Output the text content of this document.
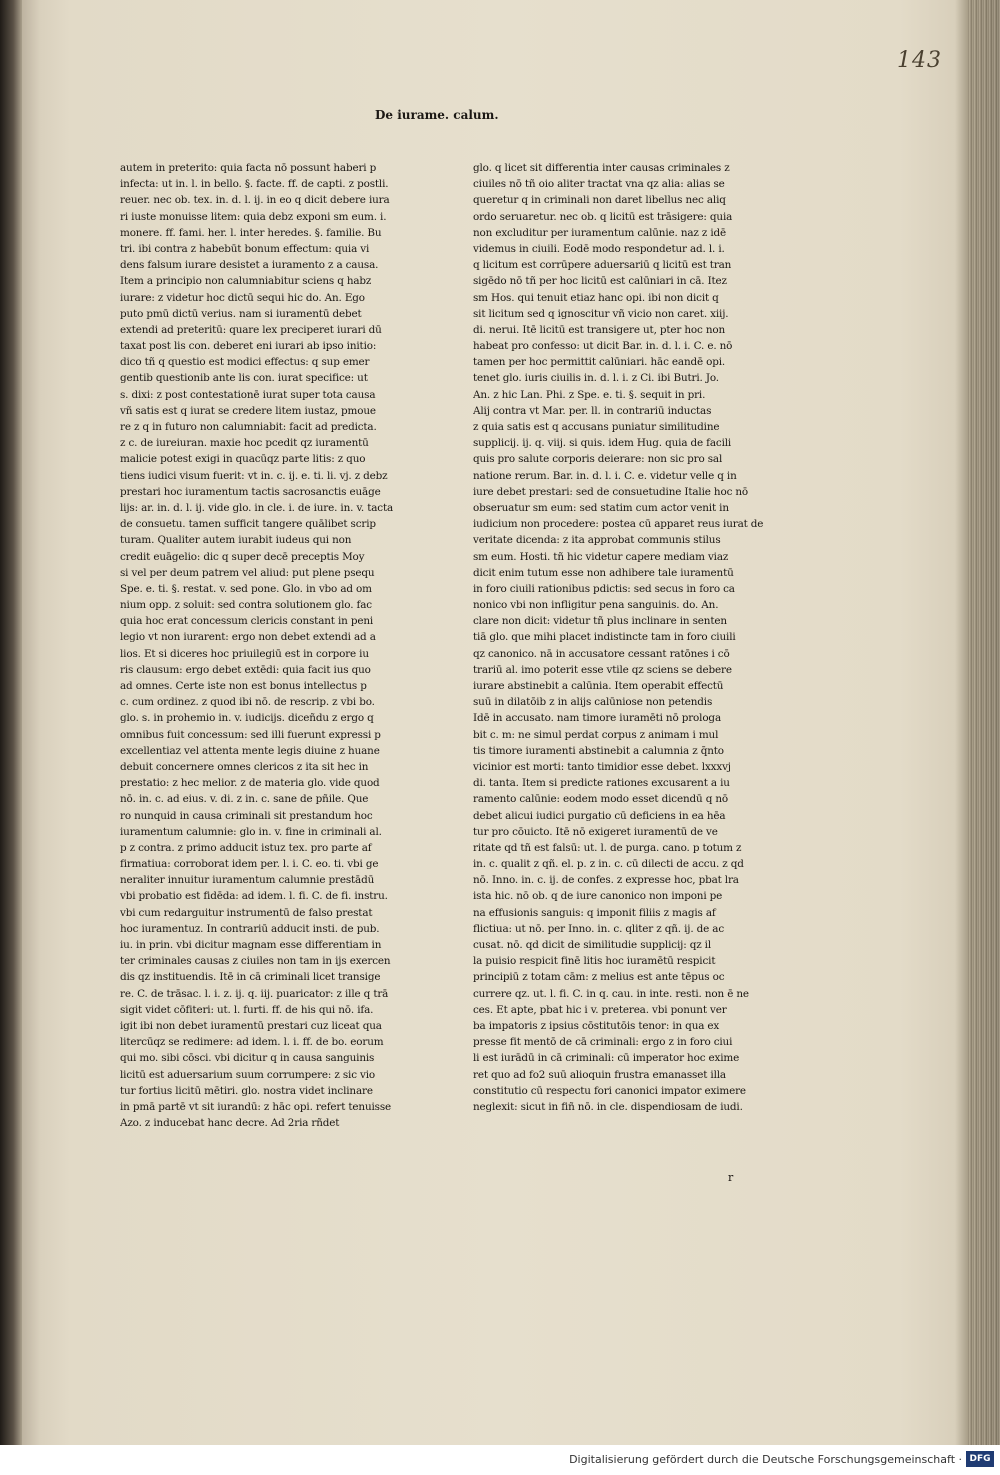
143
De iurame. calum.
autem in preterito: quia facta nō possunt haberi p
infecta: ut in. l. in bello. §. facte. ff. de capti. z postli.
reuer. nec ob. tex. in. d. l. ij. in eo q dicit debere iura
ri iuste monuisse litem: quia debz exponi sm eum. i.
monere. ff. fami. her. l. inter heredes. §. familie. Bu
tri. ibi contra z habebūt bonum effectum: quia vi
dens falsum iurare desistet a iuramento z a causa.
Item a principio non calumniabitur sciens q habz
iurare: z videtur hoc dictū sequi hic do. An. Ego
puto pmū dictū verius. nam si iuramentū debet
extendi ad preteritū: quare lex preciperet iurari dū
taxat post lis con. deberet eni iurari ab ipso initio:
dico tñ q questio est modici effectus: q sup emer
gentib questionib ante lis con. iurat specifice: ut
s. dixi: z post contestationē iurat super tota causa
vñ satis est q iurat se credere litem iustaz, pmoue
re z q in futuro non calumniabit: facit ad predicta.
z c. de iureiuran. maxie hoc pcedit qz iuramentū
malicie potest exigi in quacūqz parte litis: z quo
tiens iudici visum fuerit: vt in. c. ij. e. ti. li. vj. z debz
prestari hoc iuramentum tactis sacrosanctis euāge
lijs: ar. in. d. l. ij. vide glo. in cle. i. de iure. in. v. tacta
de consuetu. tamen sufficit tangere quālibet scrip
turam. Qualiter autem iurabit iudeus qui non
credit euāgelio: dic q super decē preceptis Moy
si vel per deum patrem vel aliud: put plene psequ
Spe. e. ti. §. restat. v. sed pone. Glo. in vbo ad om
nium opp. z soluit: sed contra solutionem glo. fac
quia hoc erat concessum clericis constant in peni
legio vt non iurarent: ergo non debet extendi ad a
lios. Et si diceres hoc priuilegiū est in corpore iu
ris clausum: ergo debet extēdi: quia facit ius quo
ad omnes. Certe iste non est bonus intellectus p
c. cum ordinez. z quod ibi nō. de rescrip. z vbi bo.
glo. s. in prohemio in. v. iudicijs. diceñdu z ergo q
omnibus fuit concessum: sed illi fuerunt expressi p
excellentiaz vel attenta mente legis diuine z huane
debuit concernere omnes clericos z ita sit hec in
prestatio: z hec melior. z de materia glo. vide quod
nō. in. c. ad eius. v. di. z in. c. sane de pñile. Que
ro nunquid in causa criminali sit prestandum hoc
iuramentum calumnie: glo in. v. fine in criminali al.
p z contra. z primo adducit istuz tex. pro parte af
firmatiua: corroborat idem per. l. i. C. eo. ti. vbi ge
neraliter innuitur iuramentum calumnie prestādū
vbi probatio est fidēda: ad idem. l. fi. C. de fi. instru.
vbi cum redarguitur instrumentū de falso prestat
hoc iuramentuz. In contrariū adducit insti. de pub.
iu. in prin. vbi dicitur magnam esse differentiam in
ter criminales causas z ciuiles non tam in ijs exercen
dis qz instituendis. Itē in cā criminali licet transige
re. C. de trāsac. l. i. z. ij. q. iij. puaricator: z ille q trā
sigit videt cōfiteri: ut. l. furti. ff. de his qui nō. ifa.
igit ibi non debet iuramentū prestari cuz liceat qua
litercūqz se redimere: ad idem. l. i. ff. de bo. eorum
qui mo. sibi cōsci. vbi dicitur q in causa sanguinis
licitū est aduersarium suum corrumpere: z sic vio
tur fortius licitū mētiri. glo. nostra videt inclinare
in pmā partē vt sit iurandū: z hāc opi. refert tenuisse
Azo. z inducebat hanc decre. Ad 2ria rñdet
glo. q licet sit differentia inter causas criminales z
ciuiles nō tñ oio aliter tractat vna qz alia: alias se
queretur q in criminali non daret libellus nec aliq
ordo seruaretur. nec ob. q licitū est trāsigere: quia
non excluditur per iuramentum calūnie. naz z idē
videmus in ciuili. Eodē modo respondetur ad. l. i.
q licitum est corrūpere aduersariū q licitū est tran
sigēdo nō tñ per hoc licitū est calūniari in cā. Itez
sm Hos. qui tenuit etiaz hanc opi. ibi non dicit q
sit licitum sed q ignoscitur vñ vicio non caret. xiij.
di. nerui. Itē licitū est transigere ut, pter hoc non
habeat pro confesso: ut dicit Bar. in. d. l. i. C. e. nō
tamen per hoc permittit calūniari. hāc eandē opi.
tenet glo. iuris ciuilis in. d. l. i. z Ci. ibi Butri. Jo.
An. z hic Lan. Phi. z Spe. e. ti. §. sequit in pri.
Alij contra vt Mar. per. ll. in contrariū inductas
z quia satis est q accusans puniatur similitudine
supplicij. ij. q. viij. si quis. idem Hug. quia de facili
quis pro salute corporis deierare: non sic pro sal
natione rerum. Bar. in. d. l. i. C. e. videtur velle q in
iure debet prestari: sed de consuetudine Italie hoc nō
obseruatur sm eum: sed statim cum actor venit in
iudicium non procedere: postea cū apparet reus iurat de
veritate dicenda: z ita approbat communis stilus
sm eum. Hosti. tñ hic videtur capere mediam viaz
dicit enim tutum esse non adhibere tale iuramentū
in foro ciuili rationibus pdictis: sed secus in foro ca
nonico vbi non infligitur pena sanguinis. do. An.
clare non dicit: videtur tñ plus inclinare in senten
tiā glo. que mihi placet indistincte tam in foro ciuili
qz canonico. nā in accusatore cessant ratōnes i cō
trariū al. imo poterit esse vtile qz sciens se debere
iurare abstinebit a calūnia. Item operabit effectū
suū in dilatōib z in alijs calūniose non petendis
Idē in accusato. nam timore iuramēti nō prologa
bit c. m: ne simul perdat corpus z animam i mul
tis timore iuramenti abstinebit a calumnia z q̄nto
vicinior est morti: tanto timidior esse debet. lxxxvj
di. tanta. Item si predicte rationes excusarent a iu
ramento calūnie: eodem modo esset dicendū q nō
debet alicui iudici purgatio cū deficiens in ea hēa
tur pro cōuicto. Itē nō exigeret iuramentū de ve
ritate qd tñ est falsū: ut. l. de purga. cano. p totum z
in. c. qualit z qñ. el. p. z in. c. cū dilecti de accu. z qd
nō. Inno. in. c. ij. de confes. z expresse hoc, pbat lra
ista hic. nō ob. q de iure canonico non imponi pe
na effusionis sanguis: q imponit filiis z magis af
flictiua: ut nō. per Inno. in. c. qliter z qñ. ij. de ac
cusat. nō. qd dicit de similitudie supplicij: qz il
la puisio respicit finē litis hoc iuramētū respicit
principiū z totam cām: z melius est ante tēpus oc
currere qz. ut. l. fi. C. in q. cau. in inte. resti. non ē ne
ces. Et apte, pbat hic i v. preterea. vbi ponunt ver
ba impatoris z ipsius cōstitutōis tenor: in qua ex
presse fit mentō de cā criminali: ergo z in foro ciui
li est iurādū in cā criminali: cū imperator hoc exime
ret quo ad fo2 suū alioquin frustra emanasset illa
constitutio cū respectu fori canonici impator eximere
neglexit: sicut in fiñ nō. in cle. dispendiosam de iudi.
r
Digitalisierung gefördert durch die Deutsche Forschungsgemeinschaft · DFG
